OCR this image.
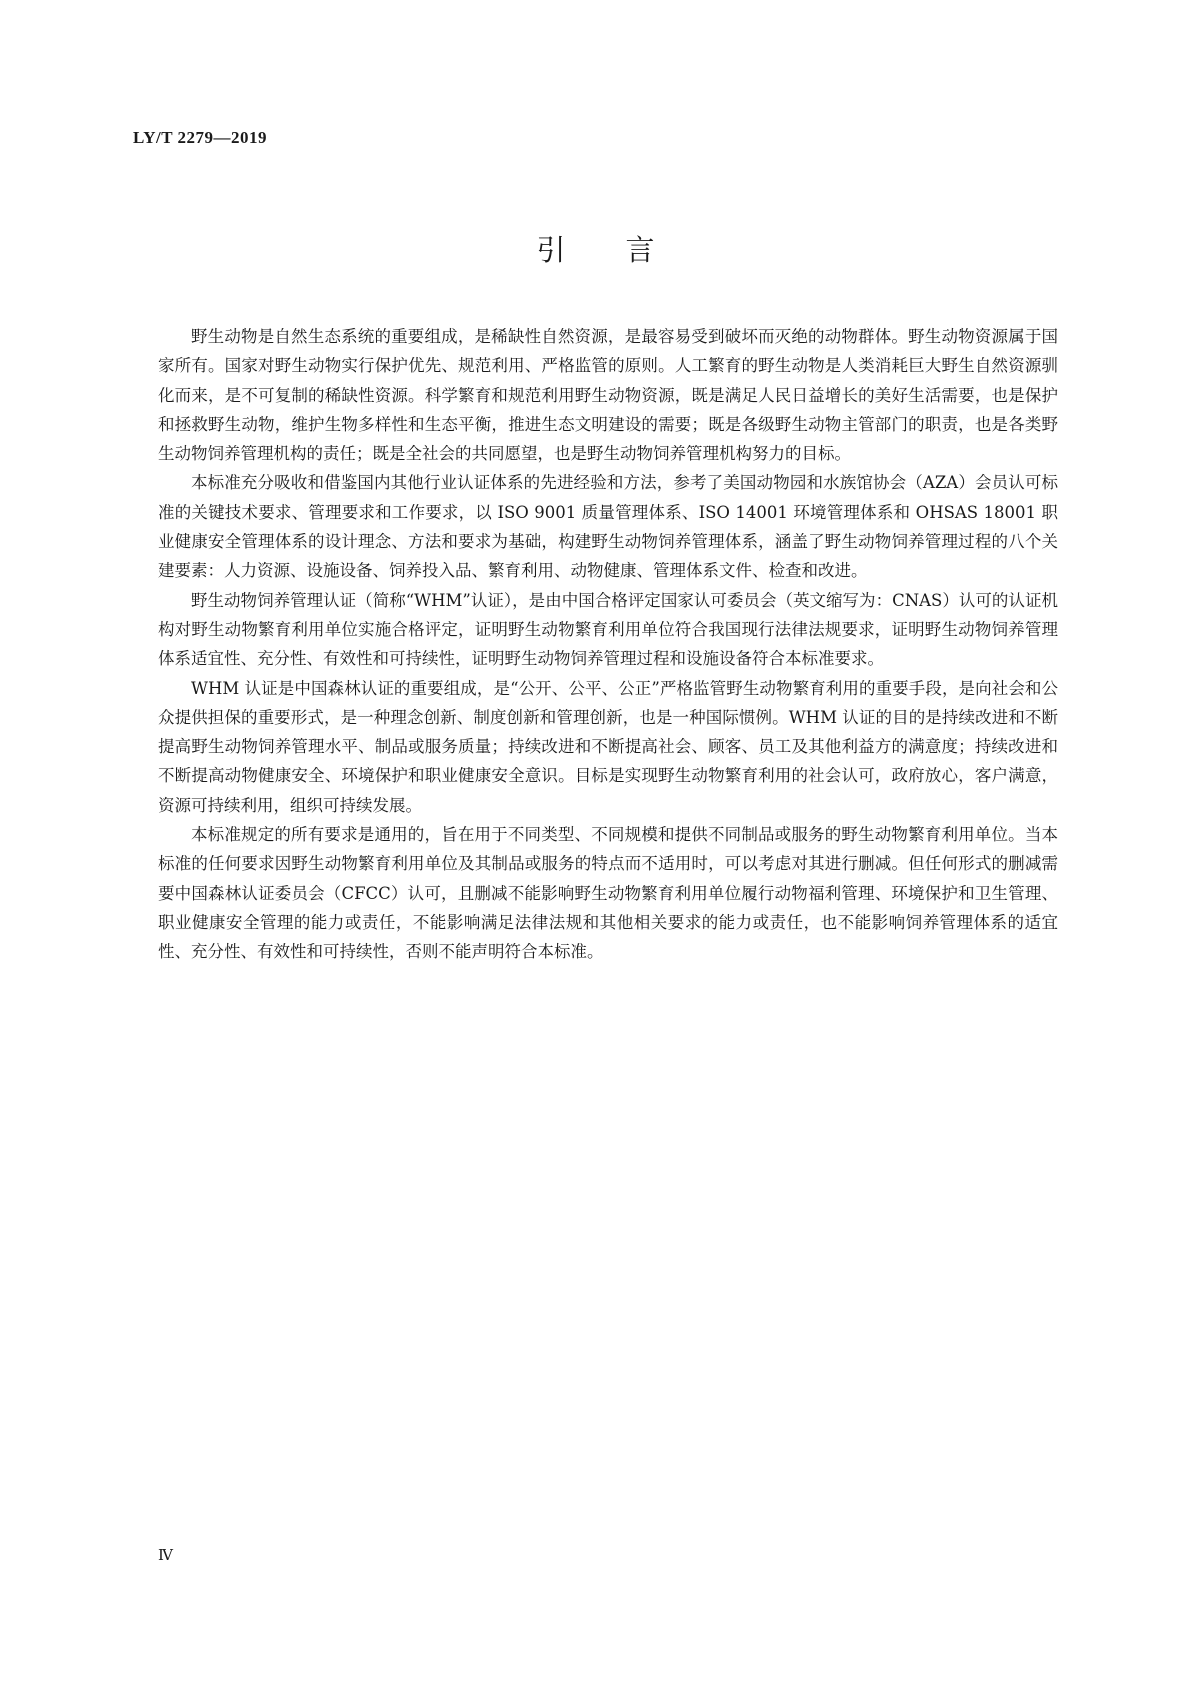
LY/T 2279—2019
引言

野生动物是自然生态系统的重要组成，是稀缺性自然资源，是最容易受到破坏而灭绝的动物群体。野生动物资源属于国家所有。国家对野生动物实行保护优先、规范利用、严格监管的原则。人工繁育的野生动物是人类消耗巨大野生自然资源驯化而来，是不可复制的稀缺性资源。科学繁育和规范利用野生动物资源，既是满足人民日益增长的美好生活需要，也是保护和拯救野生动物，维护生物多样性和生态平衡，推进生态文明建设的需要；既是各级野生动物主管部门的职责，也是各类野生动物饲养管理机构的责任；既是全社会的共同愿望，也是野生动物饲养管理机构努力的目标。

本标准充分吸收和借鉴国内其他行业认证体系的先进经验和方法，参考了美国动物园和水族馆协会（AZA）会员认可标准的关键技术要求、管理要求和工作要求，以 ISO 9001 质量管理体系、ISO 14001 环境管理体系和 OHSAS 18001 职业健康安全管理体系的设计理念、方法和要求为基础，构建野生动物饲养管理体系，涵盖了野生动物饲养管理过程的八个关建要素：人力资源、设施设备、饲养投入品、繁育利用、动物健康、管理体系文件、检查和改进。

野生动物饲养管理认证（简称“WHM”认证），是由中国合格评定国家认可委员会（英文缩写为：CNAS）认可的认证机构对野生动物繁育利用单位实施合格评定，证明野生动物繁育利用单位符合我国现行法律法规要求，证明野生动物饲养管理体系适宜性、充分性、有效性和可持续性，证明野生动物饲养管理过程和设施设备符合本标准要求。

WHM 认证是中国森林认证的重要组成，是“公开、公平、公正”严格监管野生动物繁育利用的重要手段，是向社会和公众提供担保的重要形式，是一种理念创新、制度创新和管理创新，也是一种国际惯例。WHM 认证的目的是持续改进和不断提高野生动物饲养管理水平、制品或服务质量；持续改进和不断提高社会、顾客、员工及其他利益方的满意度；持续改进和不断提高动物健康安全、环境保护和职业健康安全意识。目标是实现野生动物繁育利用的社会认可，政府放心，客户满意，资源可持续利用，组织可持续发展。

本标准规定的所有要求是通用的，旨在用于不同类型、不同规模和提供不同制品或服务的野生动物繁育利用单位。当本标准的任何要求因野生动物繁育利用单位及其制品或服务的特点而不适用时，可以考虑对其进行删减。但任何形式的删减需要中国森林认证委员会（CFCC）认可，且删减不能影响野生动物繁育利用单位履行动物福利管理、环境保护和卫生管理、职业健康安全管理的能力或责任，不能影响满足法律法规和其他相关要求的能力或责任，也不能影响饲养管理体系的适宜性、充分性、有效性和可持续性，否则不能声明符合本标准。

Ⅳ
